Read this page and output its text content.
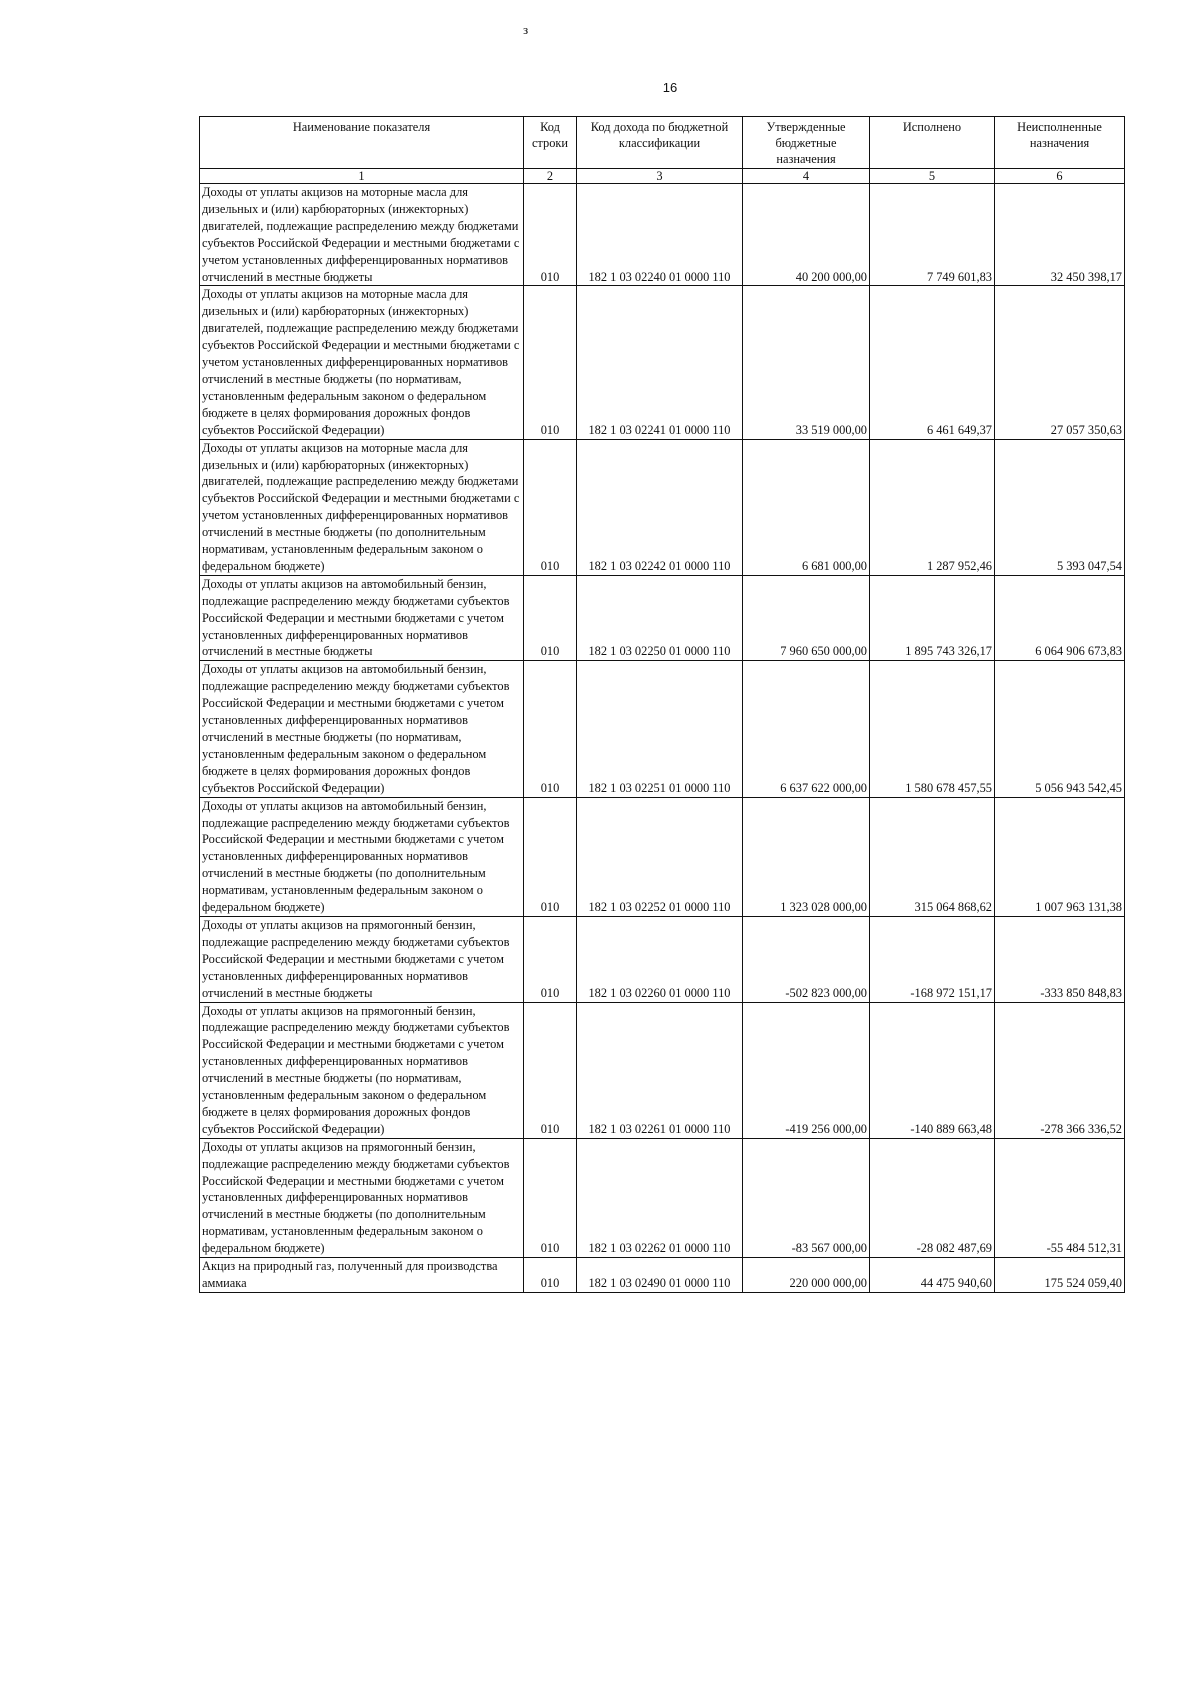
з
16
Наименование показателя	Код строки	Код дохода по бюджетной классификации	Утвержденные бюджетные назначения	Исполнено	Неисполненные назначения
1	2	3	4	5	6
Доходы от уплаты акцизов на моторные масла для дизельных и (или) карбюраторных (инжекторных) двигателей, подлежащие распределению между бюджетами субъектов Российской Федерации и местными бюджетами с учетом установленных дифференцированных нормативов отчислений в местные бюджеты	010	182 1 03 02240 01 0000 110	40 200 000,00	7 749 601,83	32 450 398,17
Доходы от уплаты акцизов на моторные масла для дизельных и (или) карбюраторных (инжекторных) двигателей, подлежащие распределению между бюджетами субъектов Российской Федерации и местными бюджетами с учетом установленных дифференцированных нормативов отчислений в местные бюджеты (по нормативам, установленным федеральным законом о федеральном бюджете в целях формирования дорожных фондов субъектов Российской Федерации)	010	182 1 03 02241 01 0000 110	33 519 000,00	6 461 649,37	27 057 350,63
Доходы от уплаты акцизов на моторные масла для дизельных и (или) карбюраторных (инжекторных) двигателей, подлежащие распределению между бюджетами субъектов Российской Федерации и местными бюджетами с учетом установленных дифференцированных нормативов отчислений в местные бюджеты (по дополнительным нормативам, установленным федеральным законом о федеральном бюджете)	010	182 1 03 02242 01 0000 110	6 681 000,00	1 287 952,46	5 393 047,54
Доходы от уплаты акцизов на автомобильный бензин, подлежащие распределению между бюджетами субъектов Российской Федерации и местными бюджетами с учетом установленных дифференцированных нормативов отчислений в местные бюджеты	010	182 1 03 02250 01 0000 110	7 960 650 000,00	1 895 743 326,17	6 064 906 673,83
Доходы от уплаты акцизов на автомобильный бензин, подлежащие распределению между бюджетами субъектов Российской Федерации и местными бюджетами с учетом установленных дифференцированных нормативов отчислений в местные бюджеты (по нормативам, установленным федеральным законом о федеральном бюджете в целях формирования дорожных фондов субъектов Российской Федерации)	010	182 1 03 02251 01 0000 110	6 637 622 000,00	1 580 678 457,55	5 056 943 542,45
Доходы от уплаты акцизов на автомобильный бензин, подлежащие распределению между бюджетами субъектов Российской Федерации и местными бюджетами с учетом установленных дифференцированных нормативов отчислений в местные бюджеты (по дополнительным нормативам, установленным федеральным законом о федеральном бюджете)	010	182 1 03 02252 01 0000 110	1 323 028 000,00	315 064 868,62	1 007 963 131,38
Доходы от уплаты акцизов на прямогонный бензин, подлежащие распределению между бюджетами субъектов Российской Федерации и местными бюджетами с учетом установленных дифференцированных нормативов отчислений в местные бюджеты	010	182 1 03 02260 01 0000 110	-502 823 000,00	-168 972 151,17	-333 850 848,83
Доходы от уплаты акцизов на прямогонный бензин, подлежащие распределению между бюджетами субъектов Российской Федерации и местными бюджетами с учетом установленных дифференцированных нормативов отчислений в местные бюджеты (по нормативам, установленным федеральным законом о федеральном бюджете в целях формирования дорожных фондов субъектов Российской Федерации)	010	182 1 03 02261 01 0000 110	-419 256 000,00	-140 889 663,48	-278 366 336,52
Доходы от уплаты акцизов на прямогонный бензин, подлежащие распределению между бюджетами субъектов Российской Федерации и местными бюджетами с учетом установленных дифференцированных нормативов отчислений в местные бюджеты (по дополнительным нормативам, установленным федеральным законом о федеральном бюджете)	010	182 1 03 02262 01 0000 110	-83 567 000,00	-28 082 487,69	-55 484 512,31
Акциз на природный газ, полученный для производства аммиака	010	182 1 03 02490 01 0000 110	220 000 000,00	44 475 940,60	175 524 059,40
